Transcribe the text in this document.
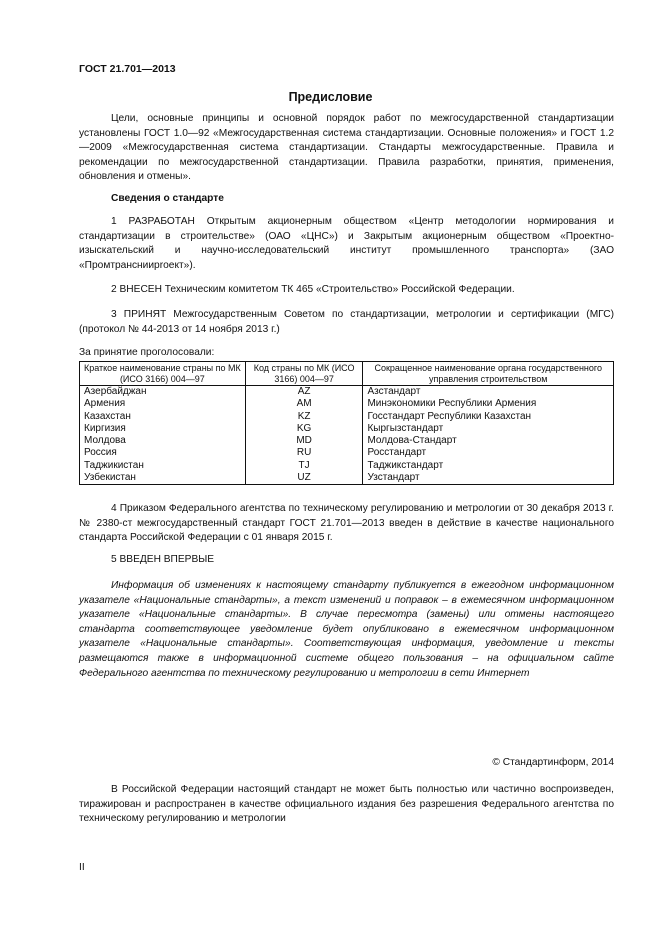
ГОСТ 21.701—2013
Предисловие

Цели, основные принципы и основной порядок работ по межгосударственной стандартизации установлены ГОСТ 1.0—92 «Межгосударственная система стандартизации. Основные положения» и ГОСТ 1.2—2009 «Межгосударственная система стандартизации. Стандарты межгосударственные. Правила и рекомендации по межгосударственной стандартизации. Правила разработки, принятия, применения, обновления и отмены».

Сведения о стандарте

1 РАЗРАБОТАН Открытым акционерным обществом «Центр методологии нормирования и стандартизации в строительстве» (ОАО «ЦНС») и Закрытым акционерным обществом «Проектно-изыскательский и научно-исследовательский институт промышленного транспорта» (ЗАО «Промтранснииproект»).

2 ВНЕСЕН Техническим комитетом ТК 465 «Строительство» Российской Федерации.

3 ПРИНЯТ Межгосударственным Советом по стандартизации, метрологии и сертификации (МГС) (протокол № 44-2013 от 14 ноября 2013 г.)

За принятие проголосовали:
Краткое наименование страны по МК (ИСО 3166) 004—97	Код страны по МК (ИСО 3166) 004—97	Сокращенное наименование органа государственного управления строительством
Азербайджан	AZ	Азстандарт
Армения	AM	Минэкономики Республики Армения
Казахстан	KZ	Госстандарт Республики Казахстан
Киргизия	KG	Кыргызстандарт
Молдова	MD	Молдова-Стандарт
Россия	RU	Росстандарт
Таджикистан	TJ	Таджикстандарт
Узбекистан	UZ	Узстандарт

4 Приказом Федерального агентства по техническому регулированию и метрологии от 30 декабря 2013 г. № 2380-ст межгосударственный стандарт ГОСТ 21.701—2013 введен в действие в качестве национального стандарта Российской Федерации с 01 января 2015 г.

5 ВВЕДЕН ВПЕРВЫЕ

Информация об изменениях к настоящему стандарту публикуется в ежегодном информационном указателе «Национальные стандарты», а текст изменений и поправок – в ежемесячном информационном указателе «Национальные стандарты». В случае пересмотра (замены) или отмены настоящего стандарта соответствующее уведомление будет опубликовано в ежемесячном информационном указателе «Национальные стандарты». Соответствующая информация, уведомление и тексты размещаются также в информационной системе общего пользования – на официальном сайте Федерального агентства по техническому регулированию и метрологии в сети Интернет

© Стандартинформ, 2014

В Российской Федерации настоящий стандарт не может быть полностью или частично воспроизведен, тиражирован и распространен в качестве официального издания без разрешения Федерального агентства по техническому регулированию и метрологии

II
